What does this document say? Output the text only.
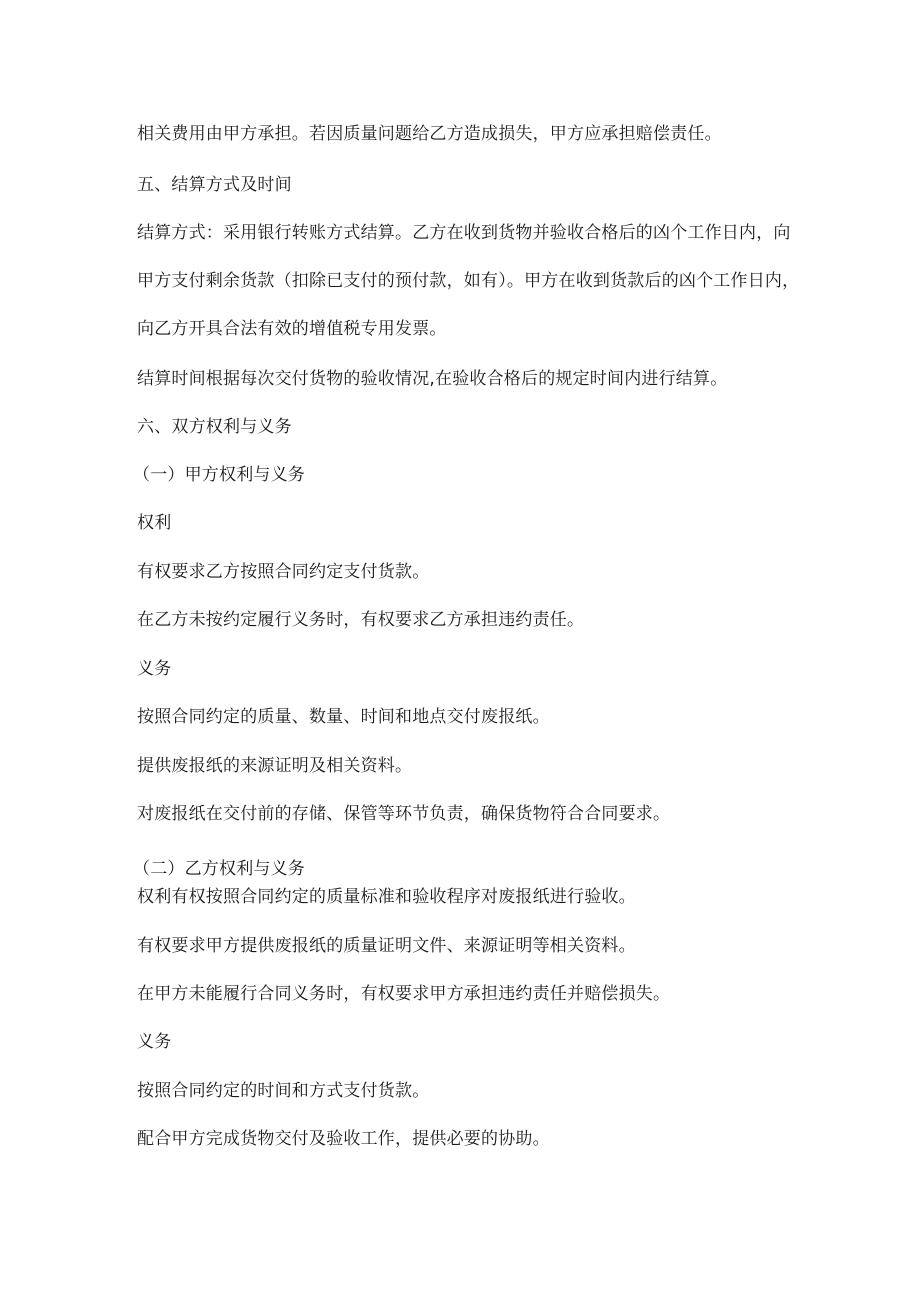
相关费用由甲方承担。若因质量问题给乙方造成损失，甲方应承担赔偿责任。
五、结算方式及时间
结算方式：采用银行转账方式结算。乙方在收到货物并验收合格后的凶个工作日内，向
甲方支付剩余货款（扣除已支付的预付款，如有）。甲方在收到货款后的凶个工作日内，
向乙方开具合法有效的增值税专用发票。
结算时间根据每次交付货物的验收情况,在验收合格后的规定时间内进行结算。
六、双方权利与义务
（一）甲方权利与义务
权利
有权要求乙方按照合同约定支付货款。
在乙方未按约定履行义务时，有权要求乙方承担违约责任。
义务
按照合同约定的质量、数量、时间和地点交付废报纸。
提供废报纸的来源证明及相关资料。
对废报纸在交付前的存储、保管等环节负责，确保货物符合合同要求。
（二）乙方权利与义务
权利有权按照合同约定的质量标准和验收程序对废报纸进行验收。
有权要求甲方提供废报纸的质量证明文件、来源证明等相关资料。
在甲方未能履行合同义务时，有权要求甲方承担违约责任并赔偿损失。
义务
按照合同约定的时间和方式支付货款。
配合甲方完成货物交付及验收工作，提供必要的协助。
